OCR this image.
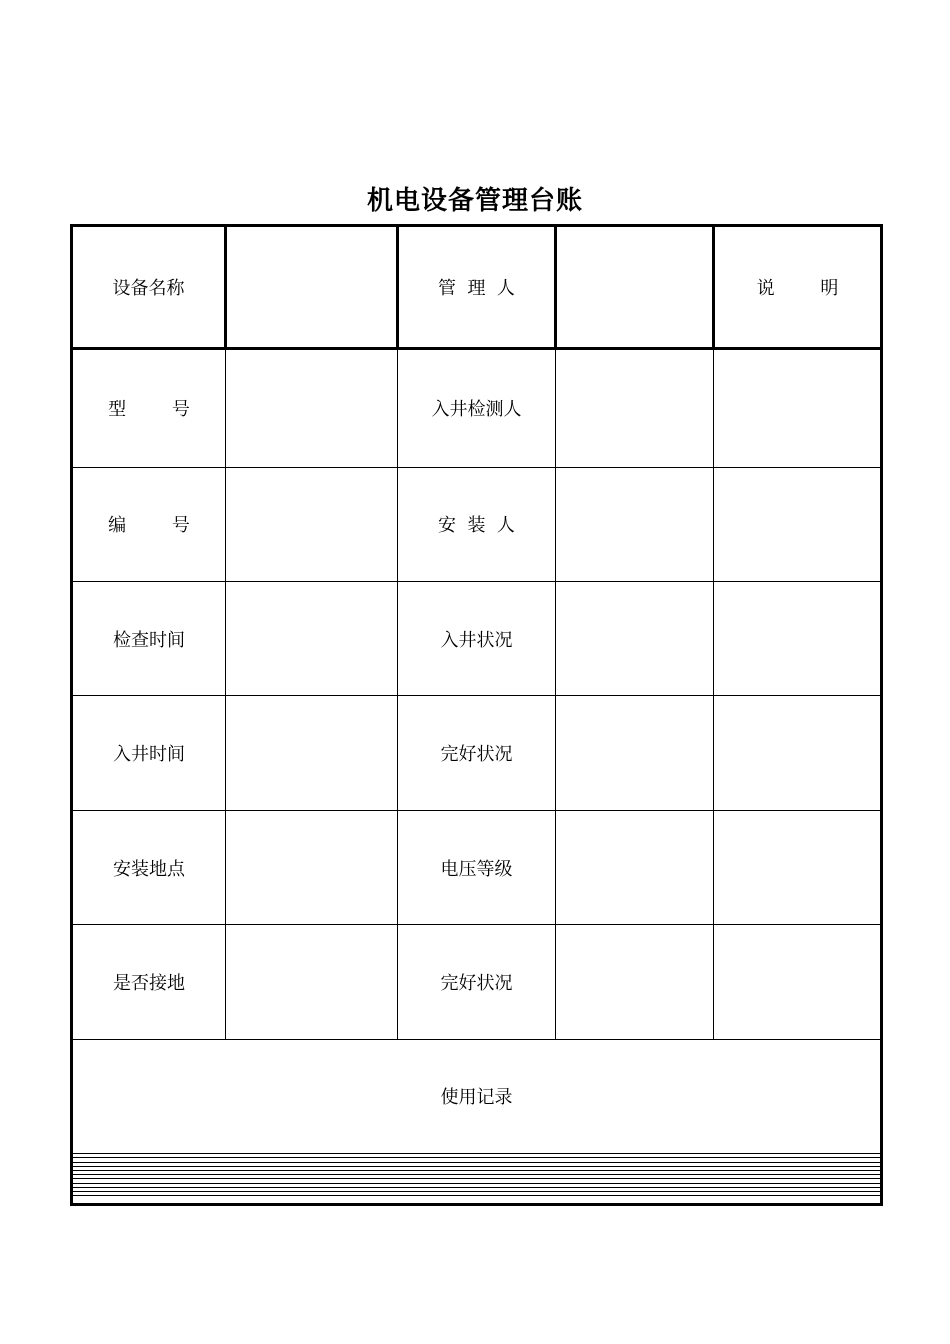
机电设备管理台账
设备名称		管  理  人		说        明
型        号		入井检测人		
编        号		安  装  人		
检查时间		入井状况		
入井时间		完好状况		
安装地点		电压等级		
是否接地		完好状况		
使用记录				
